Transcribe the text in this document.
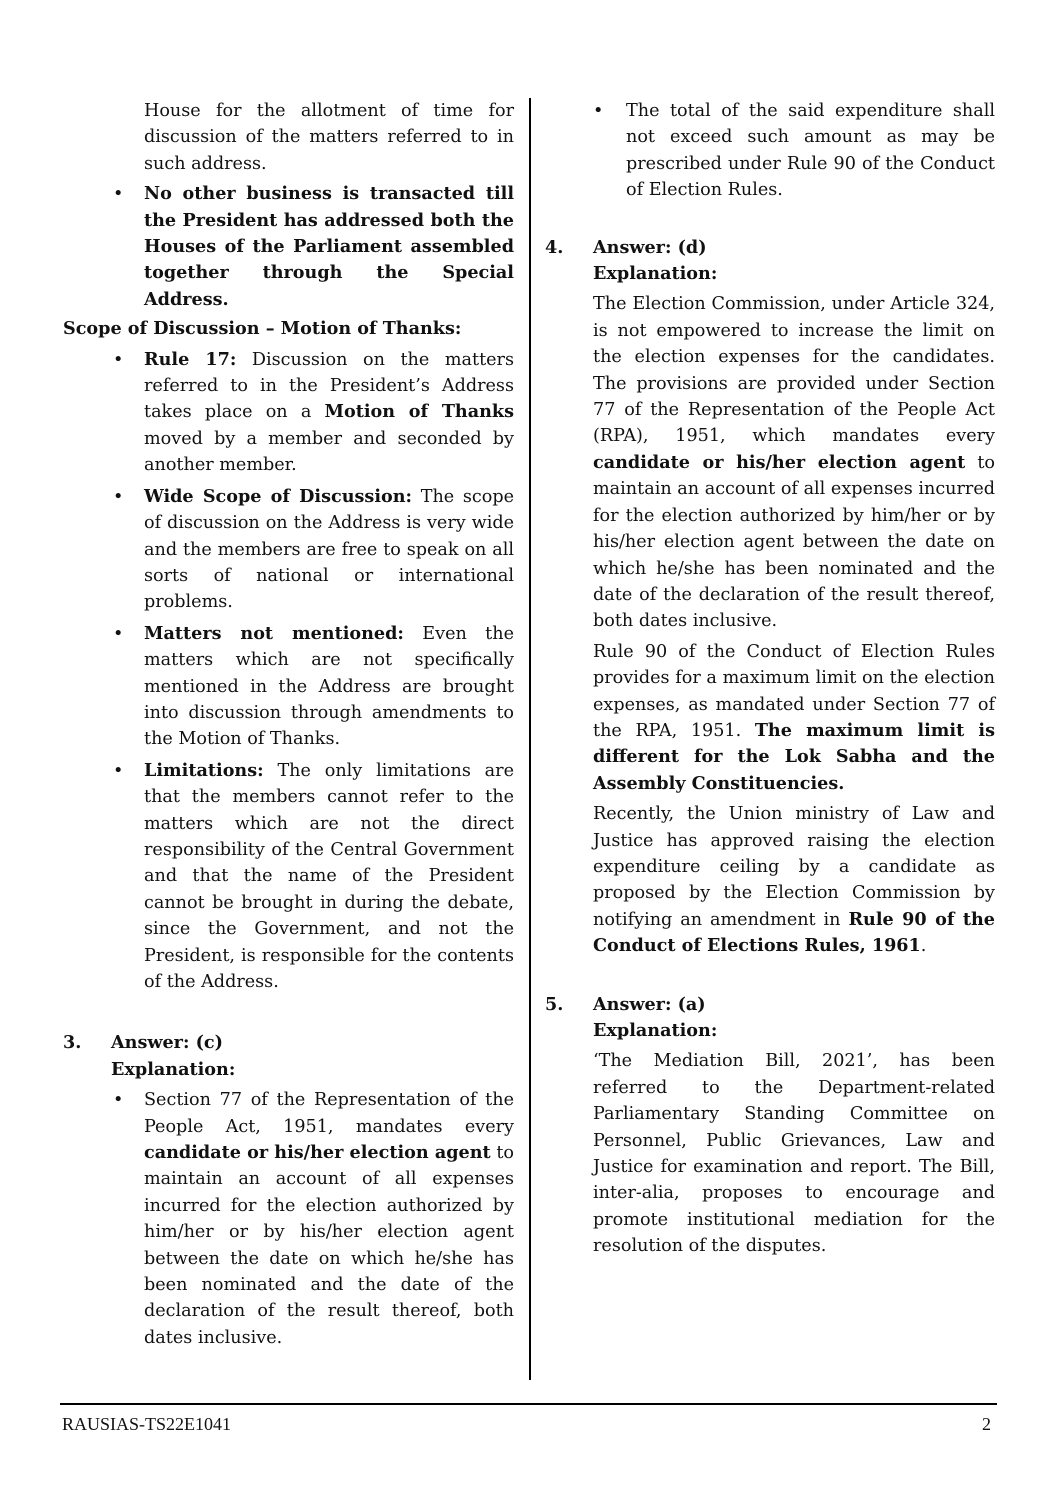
House for the allotment of time for discussion of the matters referred to in such address.

• No other business is transacted till the President has addressed both the Houses of the Parliament assembled together through the Special Address.

Scope of Discussion – Motion of Thanks:

• Rule 17: Discussion on the matters referred to in the President’s Address takes place on a Motion of Thanks moved by a member and seconded by another member.
• Wide Scope of Discussion: The scope of discussion on the Address is very wide and the members are free to speak on all sorts of national or international problems.
• Matters not mentioned: Even the matters which are not specifically mentioned in the Address are brought into discussion through amendments to the Motion of Thanks.
• Limitations: The only limitations are that the members cannot refer to the matters which are not the direct responsibility of the Central Government and that the name of the President cannot be brought in during the debate, since the Government, and not the President, is responsible for the contents of the Address.

3. Answer: (c)

Explanation:

• Section 77 of the Representation of the People Act, 1951, mandates every candidate or his/her election agent to maintain an account of all expenses incurred for the election authorized by him/her or by his/her election agent between the date on which he/she has been nominated and the date of the declaration of the result thereof, both dates inclusive.
• The total of the said expenditure shall not exceed such amount as may be prescribed under Rule 90 of the Conduct of Election Rules.

4. Answer: (d)

Explanation:

The Election Commission, under Article 324, is not empowered to increase the limit on the election expenses for the candidates. The provisions are provided under Section 77 of the Representation of the People Act (RPA), 1951, which mandates every candidate or his/her election agent to maintain an account of all expenses incurred for the election authorized by him/her or by his/her election agent between the date on which he/she has been nominated and the date of the declaration of the result thereof, both dates inclusive.

Rule 90 of the Conduct of Election Rules provides for a maximum limit on the election expenses, as mandated under Section 77 of the RPA, 1951. The maximum limit is different for the Lok Sabha and the Assembly Constituencies.

Recently, the Union ministry of Law and Justice has approved raising the election expenditure ceiling by a candidate as proposed by the Election Commission by notifying an amendment in Rule 90 of the Conduct of Elections Rules, 1961.

5. Answer: (a)

Explanation:

‘The Mediation Bill, 2021’, has been referred to the Department-related Parliamentary Standing Committee on Personnel, Public Grievances, Law and Justice for examination and report. The Bill, inter-alia, proposes to encourage and promote institutional mediation for the resolution of the disputes.

RAUSIAS-TS22E1041	2
